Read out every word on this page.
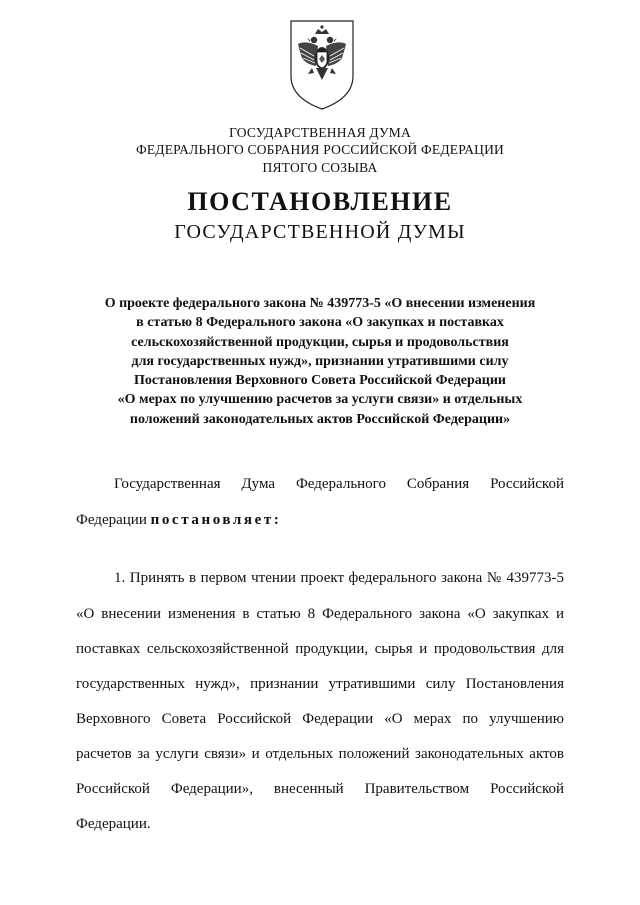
ГОСУДАРСТВЕННАЯ ДУМА
ФЕДЕРАЛЬНОГО СОБРАНИЯ РОССИЙСКОЙ ФЕДЕРАЦИИ
ПЯТОГО СОЗЫВА
ПОСТАНОВЛЕНИЕ
ГОСУДАРСТВЕННОЙ ДУМЫ
О проекте федерального закона № 439773-5 «О внесении изменения
в статью 8 Федерального закона «О закупках и поставках
сельскохозяйственной продукции, сырья и продовольствия
для государственных нужд», признании утратившими силу
Постановления Верховного Совета Российской Федерации
«О мерах по улучшению расчетов за услуги связи» и отдельных
положений законодательных актов Российской Федерации»
Государственная Дума Федерального Собрания Российской
Федерации постановляет:
1. Принять в первом чтении проект федерального закона № 439773-5
«О внесении изменения в статью 8 Федерального закона «О закупках и
поставках сельскохозяйственной продукции, сырья и продовольствия для
государственных нужд», признании утратившими силу Постановления
Верховного Совета Российской Федерации «О мерах по улучшению
расчетов за услуги связи» и отдельных положений законодательных актов
Российской Федерации», внесенный Правительством Российской
Федерации.
